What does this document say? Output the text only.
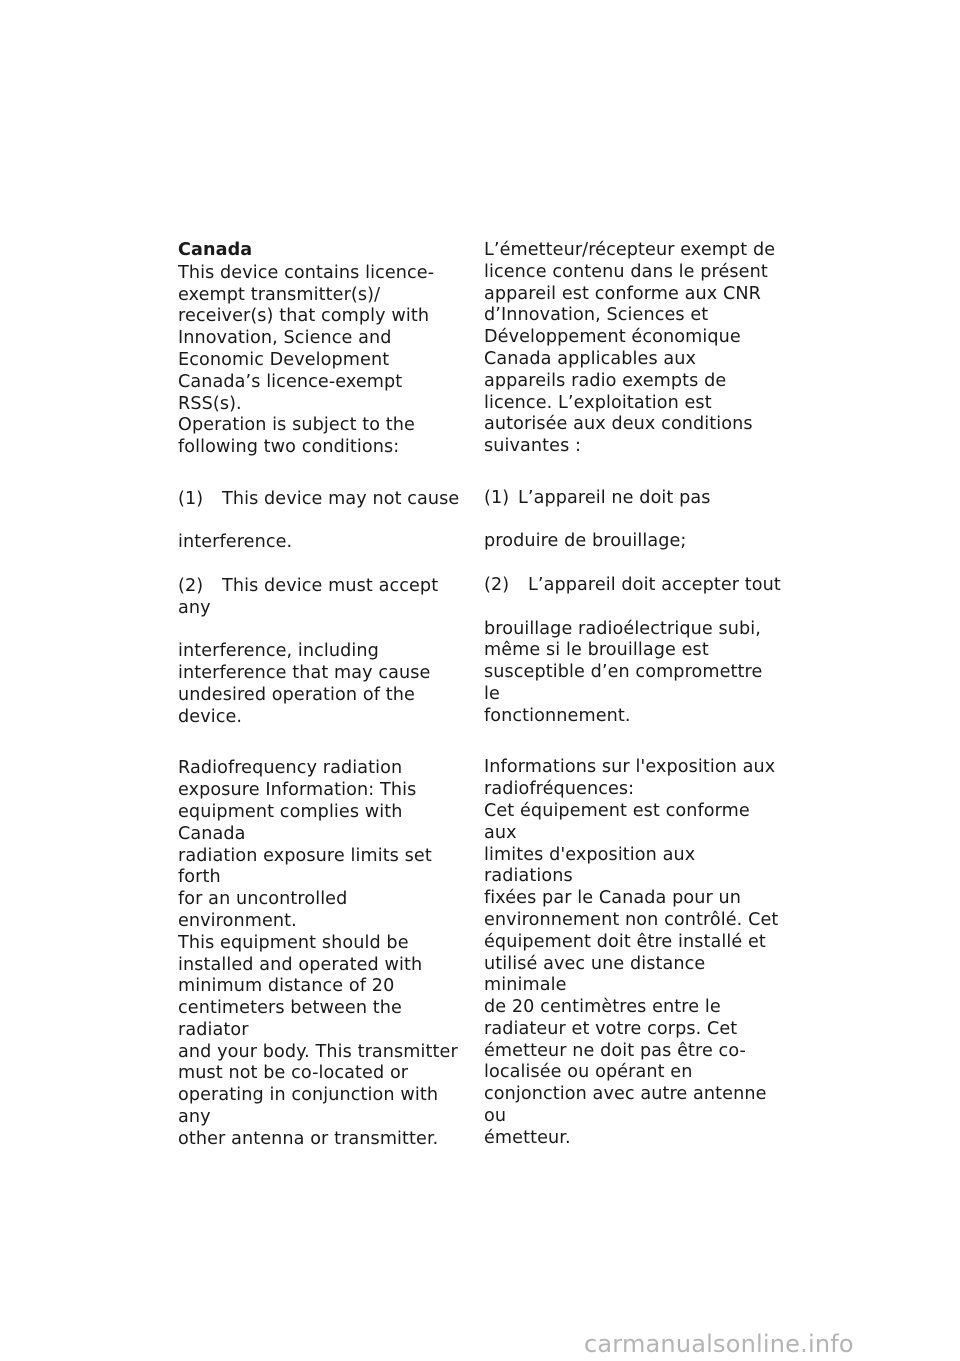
Canada

This device contains licence-
exempt transmitter(s)/
receiver(s) that comply with
Innovation, Science and
Economic Development
Canada’s licence-exempt RSS(s).
Operation is subject to the
following two conditions:

(1) This device may not cause

interference.

(2) This device must accept any

interference, including
interference that may cause
undesired operation of the
device.

Radiofrequency radiation
exposure Information: This
equipment complies with Canada
radiation exposure limits set forth
for an uncontrolled environment.
This equipment should be
installed and operated with
minimum distance of 20
centimeters between the radiator
and your body. This transmitter
must not be co-located or
operating in conjunction with any
other antenna or transmitter.

L’émetteur/récepteur exempt de
licence contenu dans le présent
appareil est conforme aux CNR
d’Innovation, Sciences et
Développement économique
Canada applicables aux
appareils radio exempts de
licence. L’exploitation est
autorisée aux deux conditions
suivantes :

(1) L’appareil ne doit pas

produire de brouillage;

(2) L’appareil doit accepter tout

brouillage radioélectrique subi,
même si le brouillage est
susceptible d’en compromettre le
fonctionnement.

Informations sur l'exposition aux
radiofréquences:
Cet équipement est conforme aux
limites d'exposition aux radiations
fixées par le Canada pour un
environnement non contrôlé. Cet
équipement doit être installé et
utilisé avec une distance minimale
de 20 centimètres entre le
radiateur et votre corps. Cet
émetteur ne doit pas être co-
localisée ou opérant en
conjonction avec autre antenne ou
émetteur.

carmanualsonline.info
